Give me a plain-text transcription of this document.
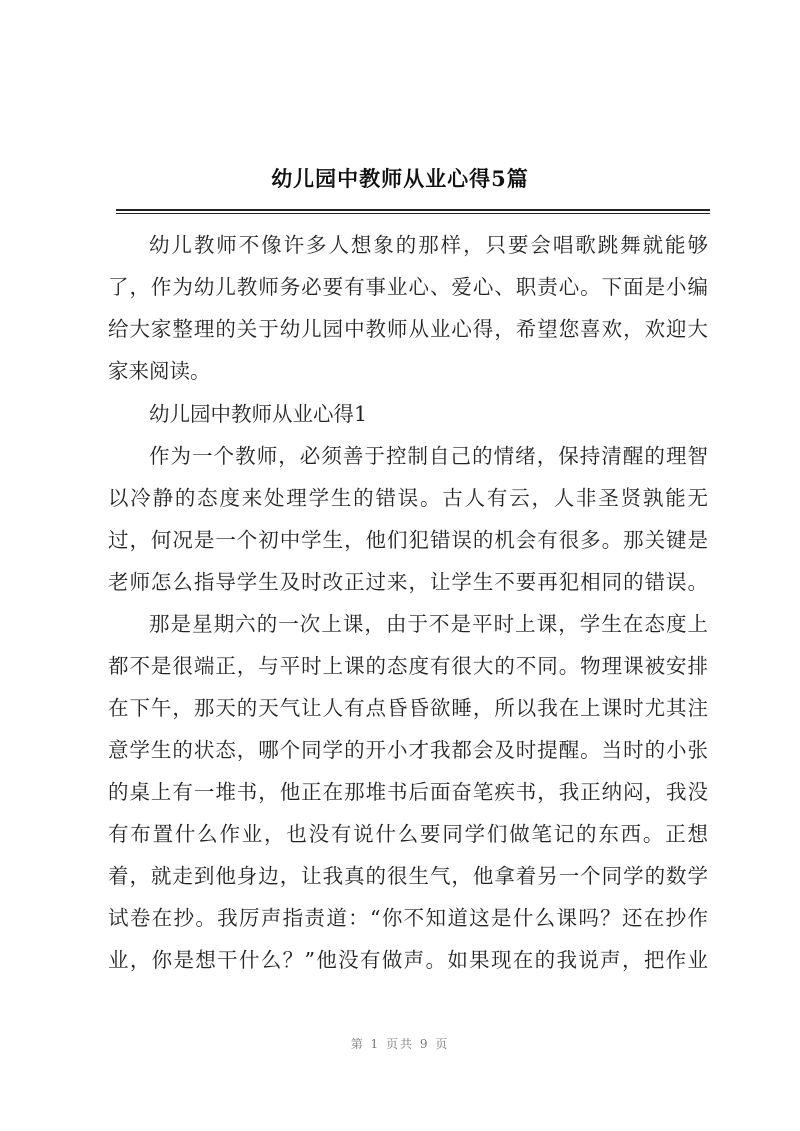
幼儿园中教师从业心得5篇
幼儿教师不像许多人想象的那样，只要会唱歌跳舞就能够
了，作为幼儿教师务必要有事业心、爱心、职责心。下面是小编
给大家整理的关于幼儿园中教师从业心得，希望您喜欢，欢迎大
家来阅读。
幼儿园中教师从业心得1
作为一个教师，必须善于控制自己的情绪，保持清醒的理智
以冷静的态度来处理学生的错误。古人有云，人非圣贤孰能无
过，何况是一个初中学生，他们犯错误的机会有很多。那关键是
老师怎么指导学生及时改正过来，让学生不要再犯相同的错误。
那是星期六的一次上课，由于不是平时上课，学生在态度上
都不是很端正，与平时上课的态度有很大的不同。物理课被安排
在下午，那天的天气让人有点昏昏欲睡，所以我在上课时尤其注
意学生的状态，哪个同学的开小才我都会及时提醒。当时的小张
的桌上有一堆书，他正在那堆书后面奋笔疾书，我正纳闷，我没
有布置什么作业，也没有说什么要同学们做笔记的东西。正想
着，就走到他身边，让我真的很生气，他拿着另一个同学的数学
试卷在抄。我厉声指责道：“你不知道这是什么课吗？还在抄作
业，你是想干什么？”他没有做声。如果现在的我说声，把作业
第 1 页共 9 页
